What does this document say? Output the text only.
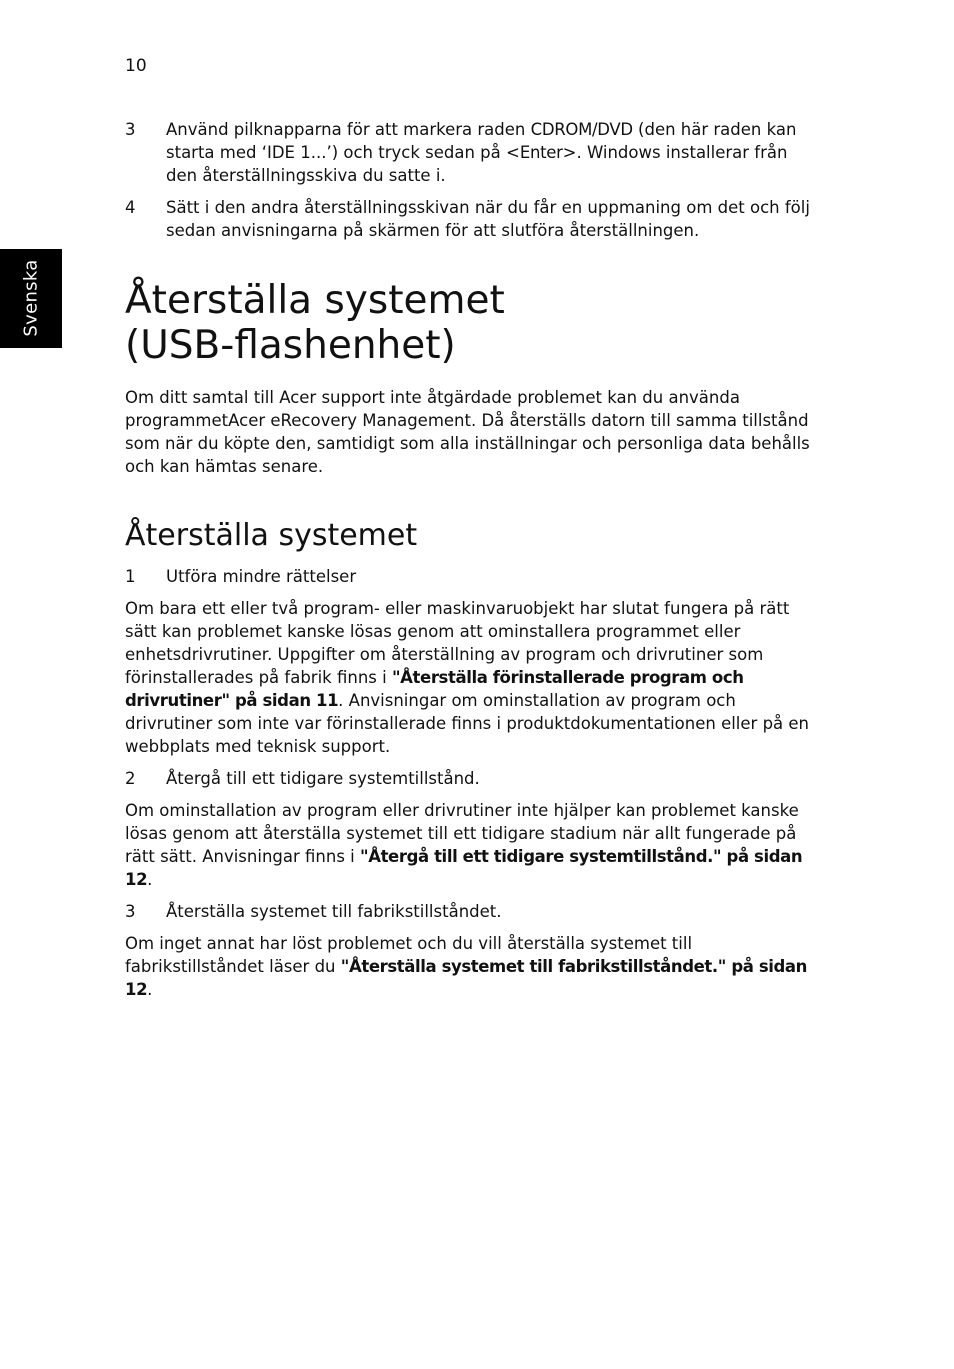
10
Svenska

3 Använd pilknapparna för att markera raden CDROM/DVD (den här raden kan starta med ‘IDE 1...’) och tryck sedan på <Enter>. Windows installerar från den återställningsskiva du satte i.

4 Sätt i den andra återställningsskivan när du får en uppmaning om det och följ sedan anvisningarna på skärmen för att slutföra återställningen.

Återställa systemet
(USB-flashenhet)

Om ditt samtal till Acer support inte åtgärdade problemet kan du använda programmetAcer eRecovery Management. Då återställs datorn till samma tillstånd som när du köpte den, samtidigt som alla inställningar och personliga data behålls och kan hämtas senare.

Återställa systemet

1 Utföra mindre rättelser

Om bara ett eller två program- eller maskinvaruobjekt har slutat fungera på rätt sätt kan problemet kanske lösas genom att ominstallera programmet eller enhetsdrivrutiner. Uppgifter om återställning av program och drivrutiner som förinstallerades på fabrik finns i "Återställa förinstallerade program och drivrutiner" på sidan 11. Anvisningar om ominstallation av program och drivrutiner som inte var förinstallerade finns i produktdokumentationen eller på en webbplats med teknisk support.

2 Återgå till ett tidigare systemtillstånd.

Om ominstallation av program eller drivrutiner inte hjälper kan problemet kanske lösas genom att återställa systemet till ett tidigare stadium när allt fungerade på rätt sätt. Anvisningar finns i "Återgå till ett tidigare systemtillstånd." på sidan 12.

3 Återställa systemet till fabrikstillståndet.

Om inget annat har löst problemet och du vill återställa systemet till fabrikstillståndet läser du "Återställa systemet till fabrikstillståndet." på sidan 12.
